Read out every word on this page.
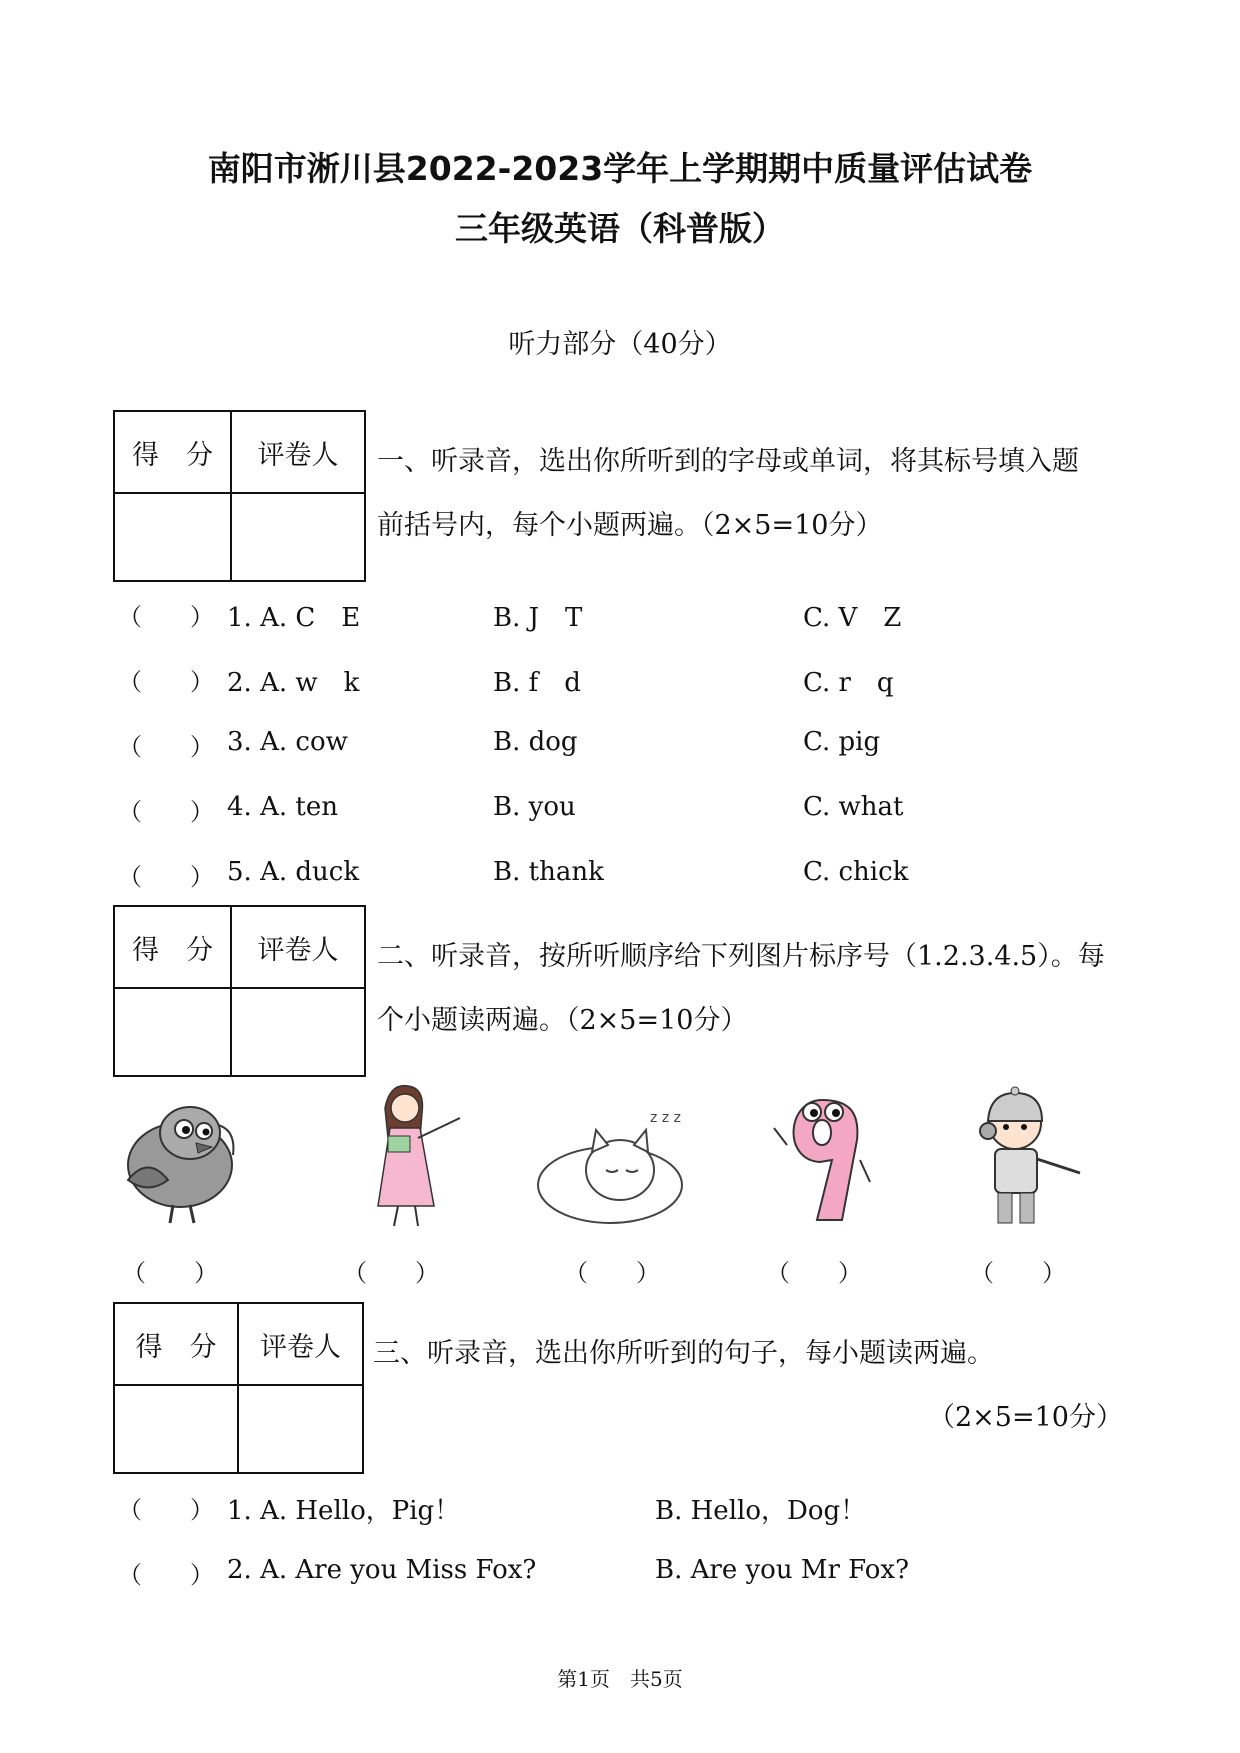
南阳市淅川县2022-2023学年上学期期中质量评估试卷
三年级英语（科普版）
听力部分（40分）
得　分	评卷人
	一、听录音，选出你所听到的字母或单词，将其标号填入题
前括号内，每个小题两遍。（2×5=10分）
（　　） 1. A. C　E	B. J　T	C. V　Z
（　　） 2. A. w　k	B. f　d	C. r　q
（　　） 3. A. cow	B. dog	C. pig
（　　） 4. A. ten	B. you	C. what
（　　） 5. A. duck	B. thank	C. chick
得　分	评卷人
	二、听录音，按所听顺序给下列图片标序号（1.2.3.4.5）。每
个小题读两遍。（2×5=10分）
z z z
（　　）	（　　）	（　　）	（　　）	（　　）
得　分	评卷人
	三、听录音，选出你所听到的句子，每小题读两遍。
（2×5=10分）
（　　） 1. A. Hello，Pig！	B. Hello，Dog！
（　　） 2. A. Are you Miss Fox?	B. Are you Mr Fox?
第1页　共5页
